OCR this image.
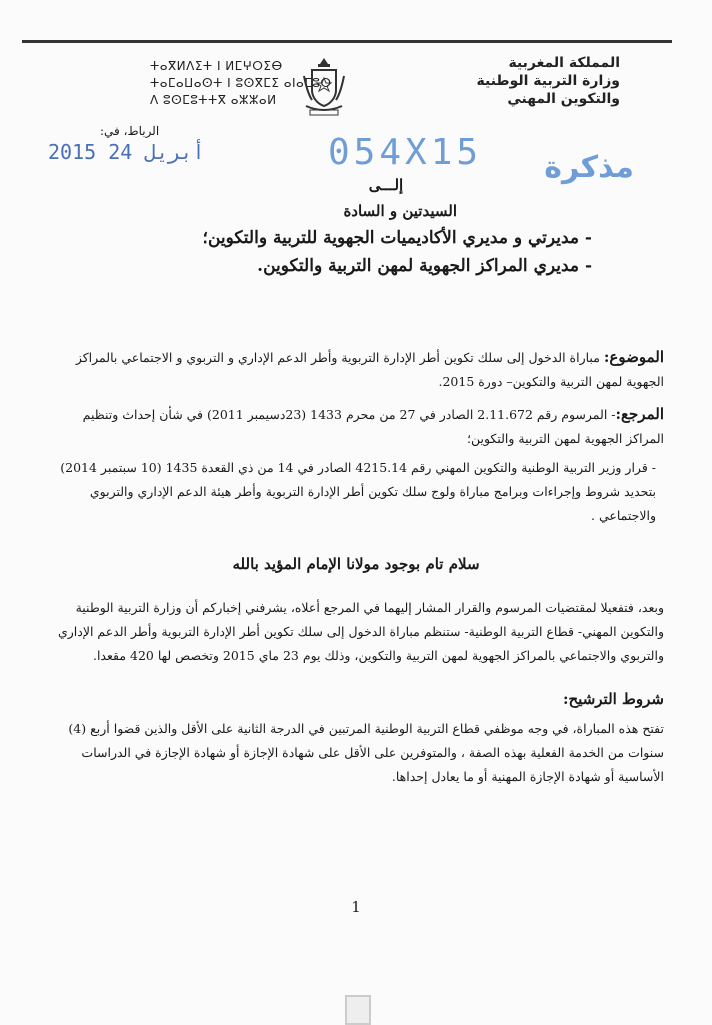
ⵜⴰⴳⵍⴷⵉⵜ ⵏ ⵍⵎⵖⵔⵉⴱ
ⵜⴰⵎⴰⵡⴰⵙⵜ ⵏ ⵓⵙⴳⵎⵉ ⴰⵏⴰⵎⵓⵔ
ⴷ ⵓⵙⵎⵓⵜⵜⴳ ⴰⵣⵣⴰⵍ
المملكة المغربية
وزارة التربية الوطنية
والتكوين المهني
الرباط، في:
2015 أبريل 24	054X15 مذكرة
إلـــى
السيدتين و السادة
- مديرتي و مديري الأكاديميات الجهوية للتربية والتكوين؛
- مديري المراكز الجهوية لمهن التربية والتكوين.
الموضوع: مباراة الدخول إلى سلك تكوين أطر الإدارة التربوية وأطر الدعم الإداري و التربوي و الاجتماعي بالمراكز الجهوية لمهن التربية والتكوين– دورة 2015.
المرجع:- المرسوم رقم 2.11.672 الصادر في 27 من محرم 1433 (23دسيمبر 2011) في شأن إحداث وتنظيم المراكز الجهوية لمهن التربية والتكوين؛
- قرار وزير التربية الوطنية والتكوين المهني رقم 4215.14 الصادر في 14 من ذي القعدة 1435 (10 سبتمبر 2014) بتحديد شروط وإجراءات وبرامج مباراة ولوج سلك تكوين أطر الإدارة التربوية وأطر هيئة الدعم الإداري والتربوي والاجتماعي .
سلام تام بوجود مولانا الإمام المؤيد بالله
وبعد، فتفعيلا لمقتضيات المرسوم والقرار المشار إليهما في المرجع أعلاه، يشرفني إخباركم أن وزارة التربية الوطنية والتكوين المهني- قطاع التربية الوطنية- ستنظم مباراة الدخول إلى سلك تكوين أطر الإدارة التربوية وأطر الدعم الإداري والتربوي والاجتماعي بالمراكز الجهوية لمهن التربية والتكوين، وذلك يوم 23 ماي 2015 وتخصص لها 420 مقعدا.
شروط الترشيح:
تفتح هذه المباراة، في وجه موظفي قطاع التربية الوطنية المرتبين في الدرجة الثانية على الأقل والذين قضوا أربع (4) سنوات من الخدمة الفعلية بهذه الصفة ، والمتوفرين على الأقل على شهادة الإجازة أو شهادة الإجازة في الدراسات الأساسية أو شهادة الإجازة المهنية أو ما يعادل إحداها.
1
